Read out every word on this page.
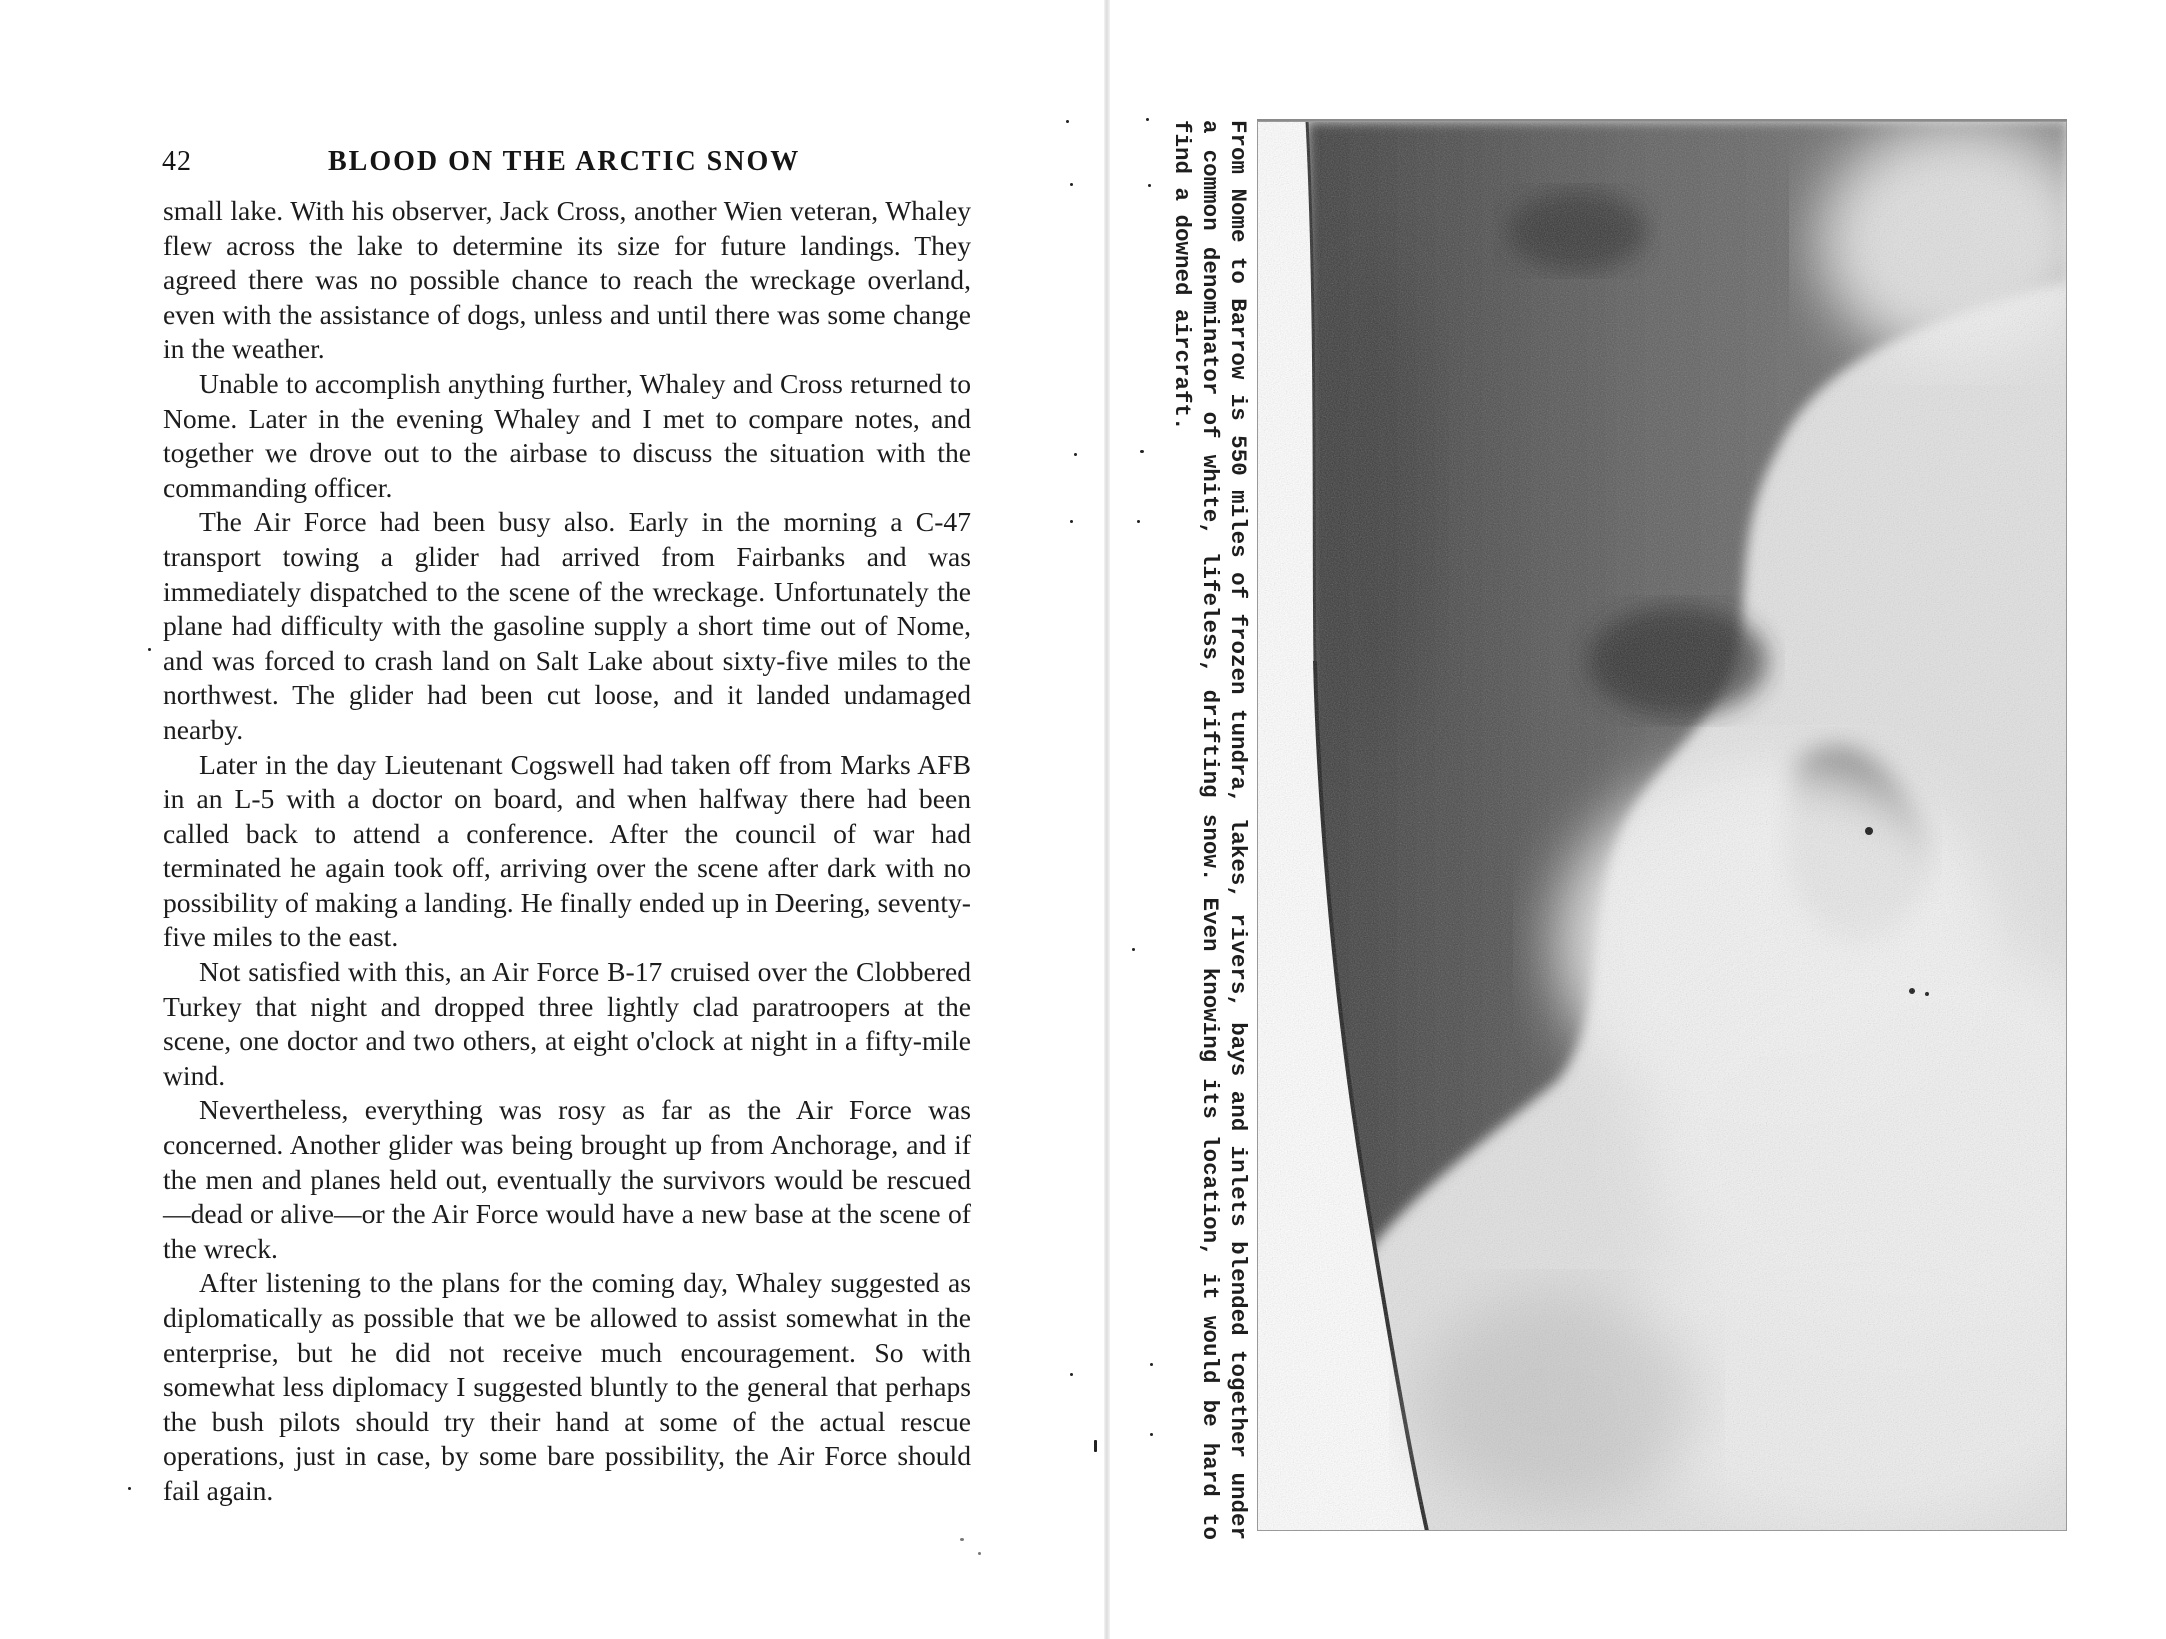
42	BLOOD ON THE ARCTIC SNOW

small lake. With his observer, Jack Cross, another Wien veteran, Whaley flew across the lake to determine its size for future landings. They agreed there was no possible chance to reach the wreckage overland, even with the assistance of dogs, unless and until there was some change in the weather.

Unable to accomplish anything further, Whaley and Cross returned to Nome. Later in the evening Whaley and I met to compare notes, and together we drove out to the airbase to discuss the situation with the commanding officer.

The Air Force had been busy also. Early in the morning a C-47 transport towing a glider had arrived from Fairbanks and was immediately dispatched to the scene of the wreckage. Unfortunately the plane had difficulty with the gasoline supply a short time out of Nome, and was forced to crash land on Salt Lake about sixty-five miles to the northwest. The glider had been cut loose, and it landed undamaged nearby.

Later in the day Lieutenant Cogswell had taken off from Marks AFB in an L-5 with a doctor on board, and when halfway there had been called back to attend a conference. After the council of war had terminated he again took off, arriving over the scene after dark with no possibility of making a landing. He finally ended up in Deering, seventy-five miles to the east.

Not satisfied with this, an Air Force B-17 cruised over the Clobbered Turkey that night and dropped three lightly clad paratroopers at the scene, one doctor and two others, at eight o'clock at night in a fifty-mile wind.

Nevertheless, everything was rosy as far as the Air Force was concerned. Another glider was being brought up from Anchorage, and if the men and planes held out, eventually the survivors would be rescued—dead or alive—or the Air Force would have a new base at the scene of the wreck.

After listening to the plans for the coming day, Whaley suggested as diplomatically as possible that we be allowed to assist somewhat in the enterprise, but he did not receive much encouragement. So with somewhat less diplomacy I suggested bluntly to the general that perhaps the bush pilots should try their hand at some of the actual rescue operations, just in case, by some bare possibility, the Air Force should fail again.	From Nome to Barrow is 550 miles of frozen tundra, lakes, rivers, bays and inlets blended together under a common denominator of white, lifeless, drifting snow. Even knowing its location, it would be hard to find a downed aircraft.
